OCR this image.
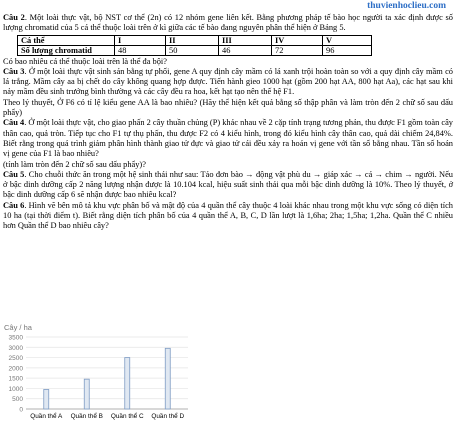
thuvienhoclieu.com

Câu 2. Một loài thực vật, bộ NST cơ thể (2n) có 12 nhóm gene liên kết. Bằng phương pháp tế bào học người ta xác định được số lượng chromatid của 5 cá thể thuộc loài trên ở kì giữa các tế bào đang nguyên phân thể hiện ở Bảng 5.

Cá thể	I	II	III	IV	V
Số lượng chromatid	48	50	46	72	96

Có bao nhiêu cá thể thuộc loài trên là thể đa bội?

Câu 3. Ở một loài thực vật sinh sản bằng tự phối, gene A quy định cây mầm có lá xanh trội hoàn toàn so với a quy định cây mầm có lá trắng. Mầm cây aa bị chết do cây không quang hợp được. Tiến hành gieo 1000 hạt (gồm 200 hạt AA, 800 hạt Aa), các hạt sau khi nảy mầm đều sinh trưởng bình thường và các cây đều ra hoa, kết hạt tạo nên thế hệ F1.

Theo lý thuyết, Ở F6 có tỉ lệ kiểu gene AA là bao nhiêu? (Hãy thể hiện kết quả bằng số thập phân và làm tròn đến 2 chữ số sau dấu phẩy)

Câu 4. Ở một loài thực vật, cho giao phấn 2 cây thuần chủng (P) khác nhau về 2 cặp tính trạng tương phản, thu được F1 gồm toàn cây thân cao, quả tròn. Tiếp tục cho F1 tự thụ phấn, thu được F2 có 4 kiểu hình, trong đó kiểu hình cây thân cao, quả dài chiếm 24,84%. Biết rằng trong quá trình giảm phân hình thành giao tử đực và giao tử cái đều xảy ra hoán vị gene với tần số bằng nhau. Tần số hoán vị gene của F1 là bao nhiêu?

(tính làm tròn đến 2 chữ số sau dấu phẩy)?

Câu 5. Cho chuỗi thức ăn trong một hệ sinh thái như sau: Tảo đơn bào → động vật phù du → giáp xác → cá → chim → người. Nếu ở bậc dinh dưỡng cấp 2 năng lượng nhận được là 10.104 kcal, hiệu suất sinh thái qua mỗi bậc dinh dưỡng là 10%. Theo lý thuyết, ở bậc dinh dưỡng cấp 6 sẽ nhận được bao nhiêu kcal?

Câu 6. Hình vẽ bên mô tả khu vực phân bố và mật độ của 4 quần thể cây thuộc 4 loài khác nhau trong một khu vực sống có diện tích 10 ha (tại thời điểm t). Biết rằng diện tích phân bố của 4 quần thể A, B, C, D lần lượt là 1,6ha; 2ha; 1,5ha; 1,2ha. Quần thể C nhiều hơn Quần thể D bao nhiêu cây?

Cây / ha
0
500
1000
1500
2000
2500
3000
3500
Quần thể A Quần thể B Quần thể C Quần thể D
